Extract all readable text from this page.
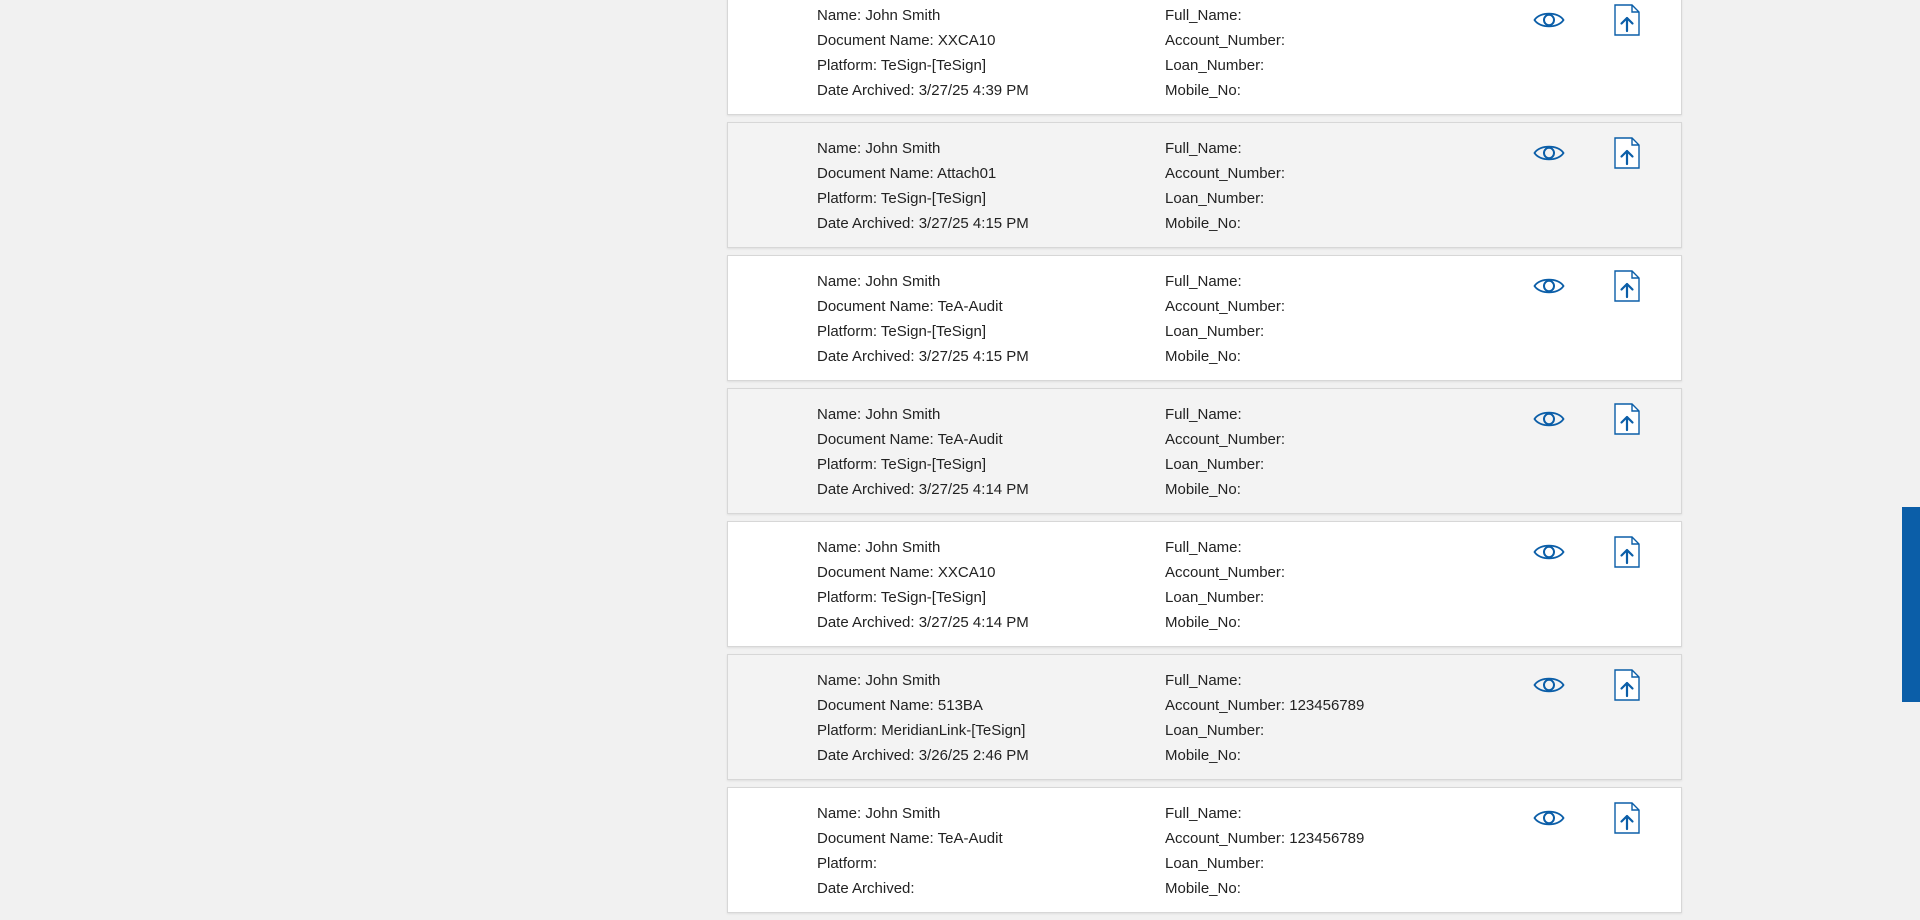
Name: John Smith
Document Name: XXCA10
Platform: TeSign-[TeSign]
Date Archived: 3/27/25 4:39 PM
Full_Name:
Account_Number:
Loan_Number:
Mobile_No:
Name: John Smith
Document Name: Attach01
Platform: TeSign-[TeSign]
Date Archived: 3/27/25 4:15 PM
Full_Name:
Account_Number:
Loan_Number:
Mobile_No:
Name: John Smith
Document Name: TeA-Audit
Platform: TeSign-[TeSign]
Date Archived: 3/27/25 4:15 PM
Full_Name:
Account_Number:
Loan_Number:
Mobile_No:
Name: John Smith
Document Name: TeA-Audit
Platform: TeSign-[TeSign]
Date Archived: 3/27/25 4:14 PM
Full_Name:
Account_Number:
Loan_Number:
Mobile_No:
Name: John Smith
Document Name: XXCA10
Platform: TeSign-[TeSign]
Date Archived: 3/27/25 4:14 PM
Full_Name:
Account_Number:
Loan_Number:
Mobile_No:
Name: John Smith
Document Name: 513BA
Platform: MeridianLink-[TeSign]
Date Archived: 3/26/25 2:46 PM
Full_Name:
Account_Number: 123456789
Loan_Number:
Mobile_No:
Name: John Smith
Document Name: TeA-Audit
Platform:
Date Archived:
Full_Name:
Account_Number: 123456789
Loan_Number:
Mobile_No:
